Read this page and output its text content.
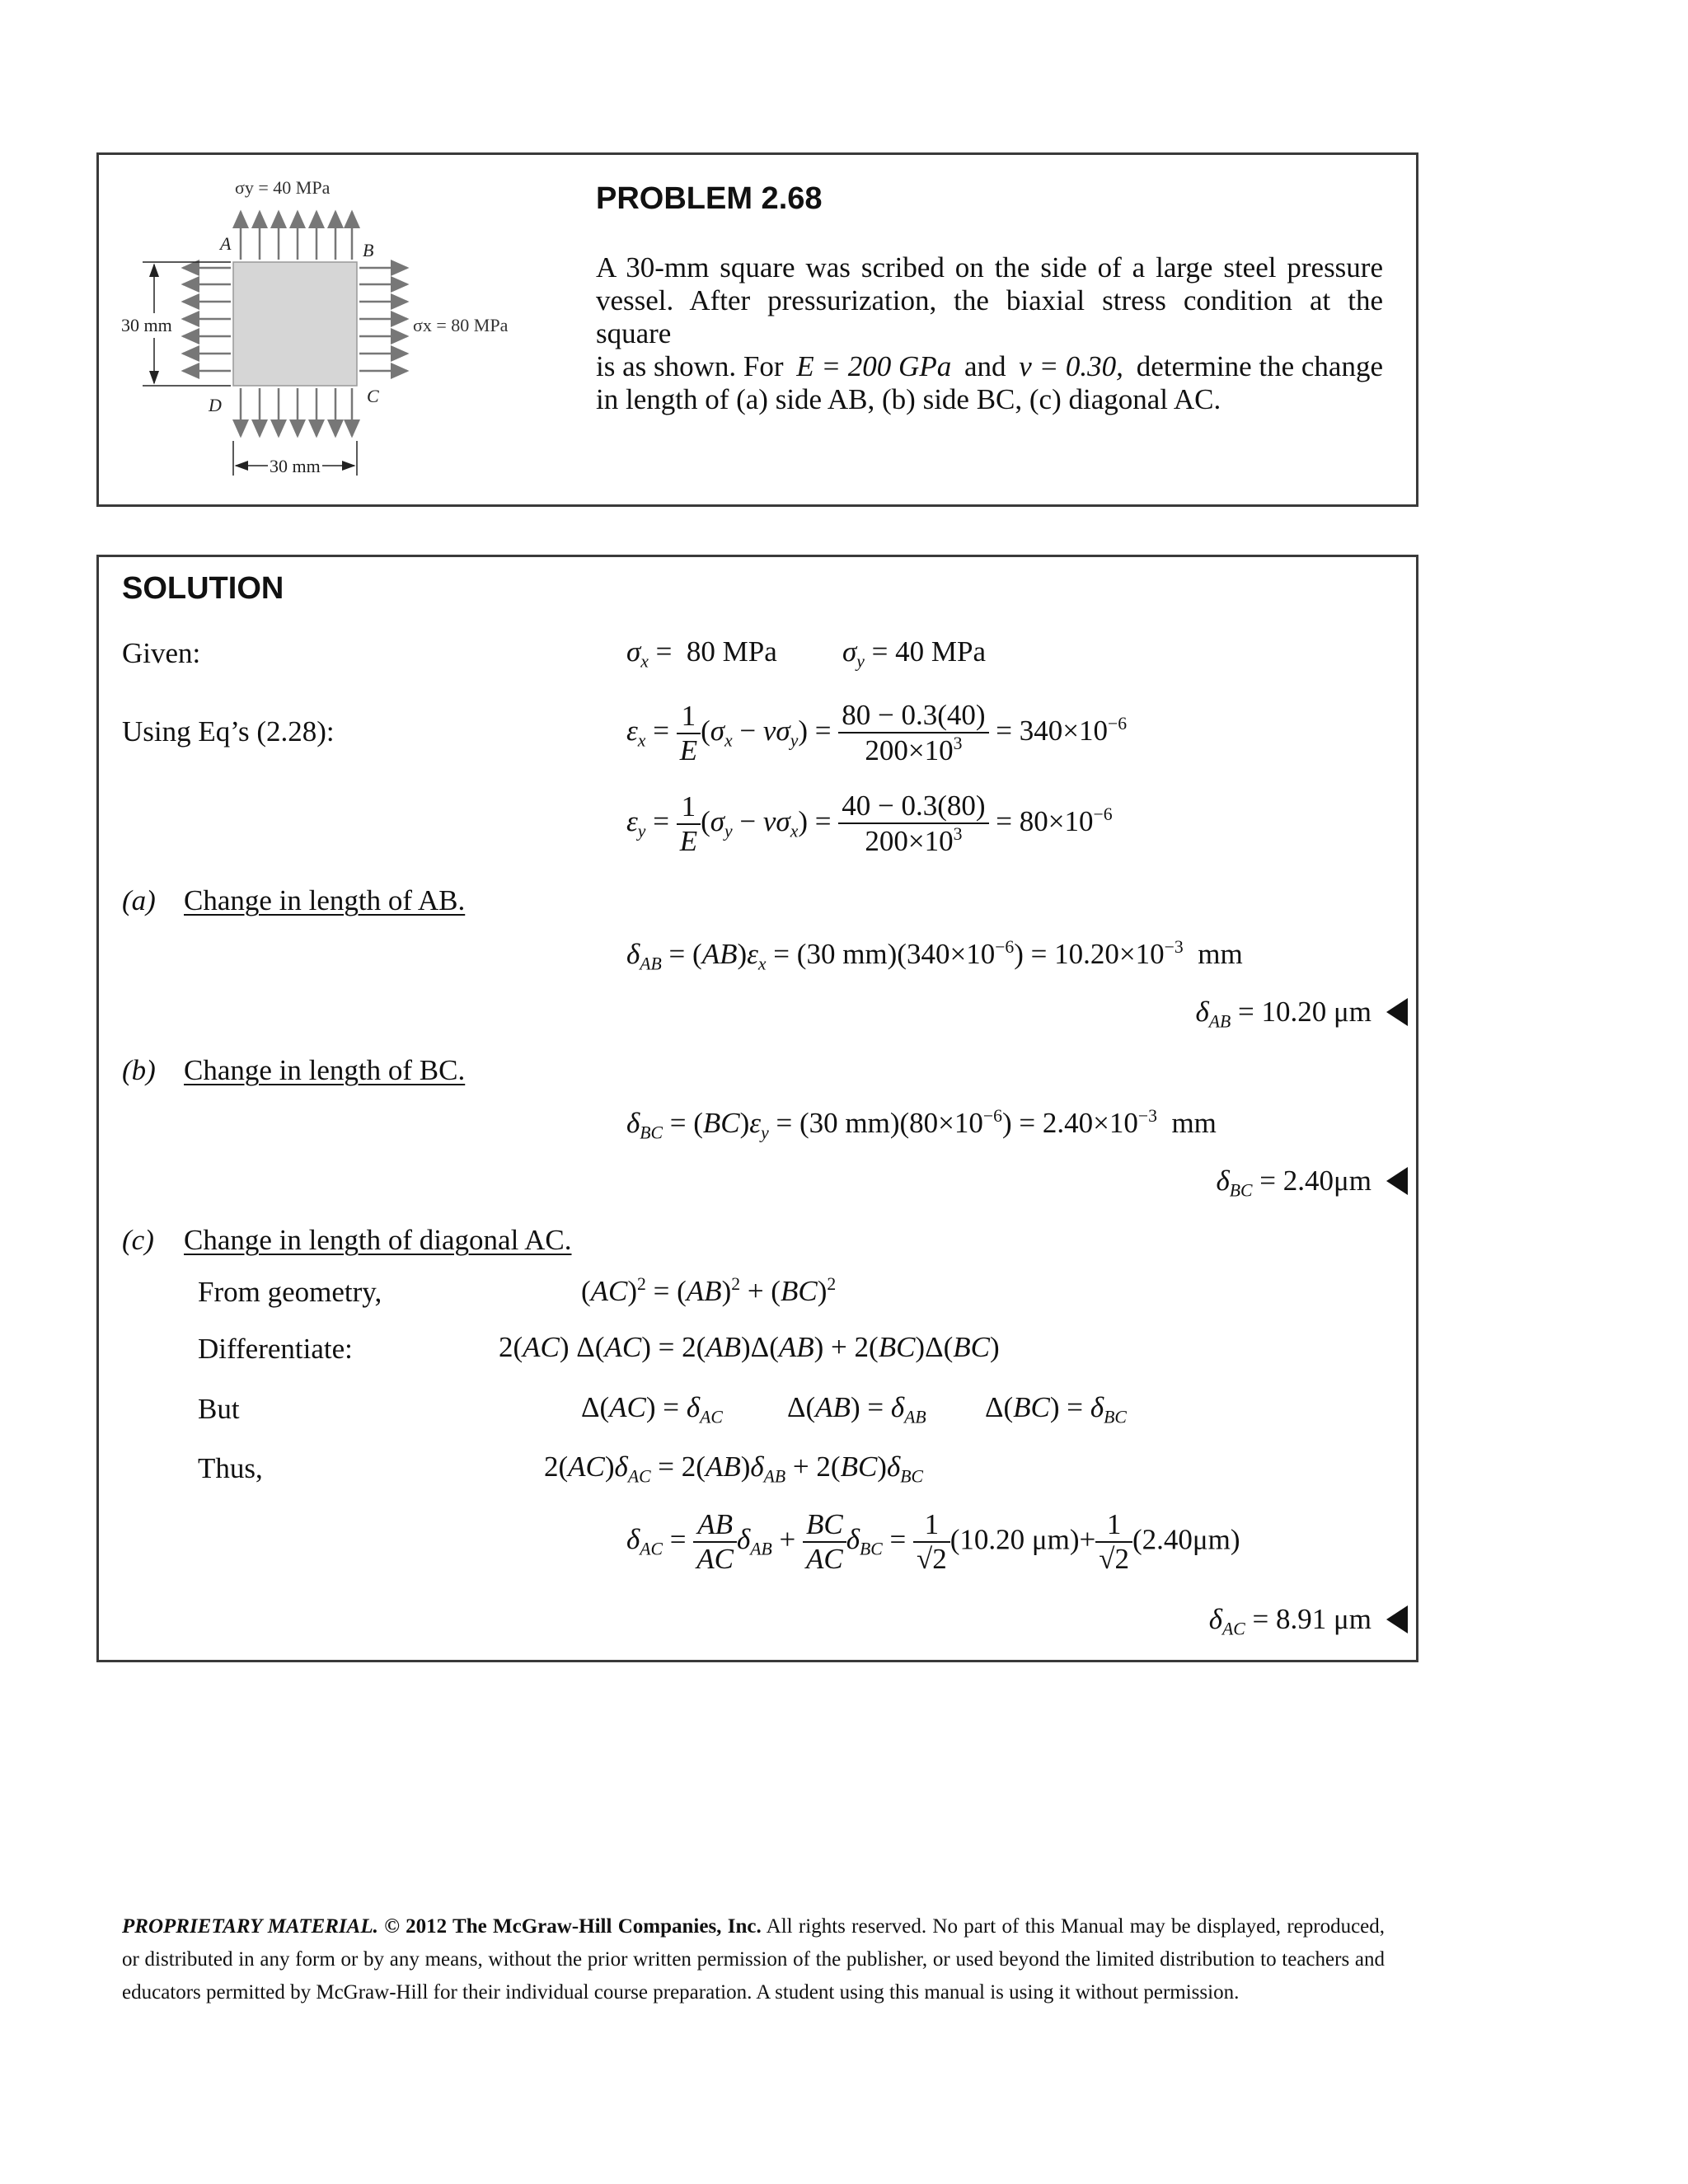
σy = 40 MPa
σx = 80 MPa
30 mm
30 mm
A	B
C
D
PROBLEM 2.68
A 30-mm square was scribed on the side of a large steel pressure
vessel. After pressurization, the biaxial stress condition at the square
is as shown. For E = 200 GPa and v = 0.30, determine the change
in length of (a) side AB, (b) side BC, (c) diagonal AC.
SOLUTION
Given:	$\sigma_x = 80$ MPa $\sigma_y = 40$ MPa
Using Eq’s (2.28):	$\varepsilon_x = \frac{1}{E} (\sigma_x - v\sigma_y) = \frac{80 - 0.3(40)}{200\times 10^3} = 340\times 10^{-6}$
$\varepsilon_y = \frac{1}{E} (\sigma_y - v\sigma_x) = \frac{40 - 0.3(80)}{200\times 10^3} = 80\times 10^{-6}$
(a) Change in length of AB.
$\delta_{AB} = (AB)\varepsilon_x = (30$ $mm)(340\times 10^{-6}) = 10.20\times 10^{-3}$ mm
$\delta_{AB} = 10.20$ μm
(b) Change in length of BC.
$\delta_{BC} = (BC)\varepsilon_y = (30$ $mm)(80\times 10^{-6}) = 2.40\times 10^{-3}$ mm
$\delta_{BC} = 2.40\mu m$
(c) Change in length of diagonal AC.
From geometry,	(AC)$^2$ = (AB)$^2$ + (BC)$^2$
Differentiate:	2(AC) Δ(AC) = 2(AB)Δ(AB) + 2(BC)Δ(BC)
But	$\Delta(AC) = \delta_{AC}$ $\Delta(AB) = \delta_{AB}$ $\Delta(BC) = \delta_{BC}$
Thus,	$2(AC)\delta_{AC} = 2(AB)\delta_{AB} + 2(BC)\delta_{BC}$
$\delta_{AC} = \frac{AB}{AC} \delta_{AB} + \frac{BC}{AC} \delta_{BC} = \frac{1}{√2} (10.20$ $\mu m)+ \frac{1}{√2} (2.40\mu m)$
$\delta_{AC} = 8.91$ μm
PROPRIETARY MATERIAL. © 2012 The McGraw-Hill Companies, Inc. All rights reserved. No part of this Manual may be displayed, reproduced, or distributed in any form or by any means, without the prior written permission of the publisher, or used beyond the limited distribution to teachers and educators permitted by McGraw-Hill for their individual course preparation. A student using this manual is using it without permission.
